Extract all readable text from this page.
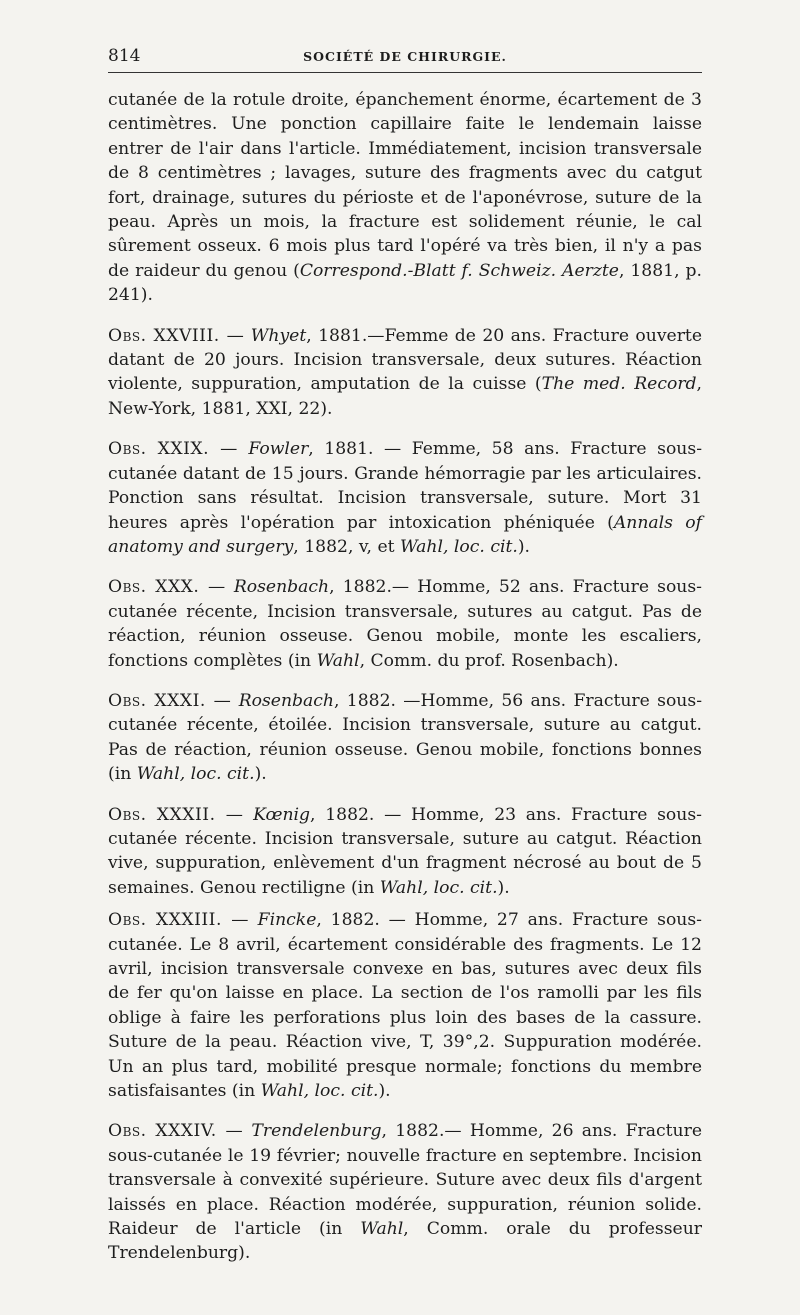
814	SOCIÉTÉ DE CHIRURGIE.

cutanée de la rotule droite, épanchement énorme, écartement de 3 centimètres. Une ponction capillaire faite le lendemain laisse entrer de l'air dans l'article. Immédiatement, incision transversale de 8 centimètres ; lavages, suture des fragments avec du catgut fort, drainage, sutures du périoste et de l'aponévrose, suture de la peau. Après un mois, la fracture est solidement réunie, le cal sûrement osseux. 6 mois plus tard l'opéré va très bien, il n'y a pas de raideur du genou (Correspond.-Blatt f. Schweiz. Aerzte, 1881, p. 241).

Obs. XXVIII. — Whyet, 1881.—Femme de 20 ans. Fracture ouverte datant de 20 jours. Incision transversale, deux sutures. Réaction violente, suppuration, amputation de la cuisse (The med. Record, New-York, 1881, XXI, 22).

Obs. XXIX. — Fowler, 1881. — Femme, 58 ans. Fracture sous-cutanée datant de 15 jours. Grande hémorragie par les articulaires. Ponction sans résultat. Incision transversale, suture. Mort 31 heures après l'opération par intoxication phéniquée (Annals of anatomy and surgery, 1882, v, et Wahl, loc. cit.).

Obs. XXX. — Rosenbach, 1882.— Homme, 52 ans. Fracture sous-cutanée récente, Incision transversale, sutures au catgut. Pas de réaction, réunion osseuse. Genou mobile, monte les escaliers, fonctions complètes (in Wahl, Comm. du prof. Rosenbach).

Obs. XXXI. — Rosenbach, 1882. —Homme, 56 ans. Fracture sous-cutanée récente, étoilée. Incision transversale, suture au catgut. Pas de réaction, réunion osseuse. Genou mobile, fonctions bonnes (in Wahl, loc. cit.).

Obs. XXXII. — Kœnig, 1882. — Homme, 23 ans. Fracture sous-cutanée récente. Incision transversale, suture au catgut. Réaction vive, suppuration, enlèvement d'un fragment nécrosé au bout de 5 semaines. Genou rectiligne (in Wahl, loc. cit.).

Obs. XXXIII. — Fincke, 1882. — Homme, 27 ans. Fracture sous-cutanée. Le 8 avril, écartement considérable des fragments. Le 12 avril, incision transversale convexe en bas, sutures avec deux fils de fer qu'on laisse en place. La section de l'os ramolli par les fils oblige à faire les perforations plus loin des bases de la cassure. Suture de la peau. Réaction vive, T, 39°,2. Suppuration modérée. Un an plus tard, mobilité presque normale; fonctions du membre satisfaisantes (in Wahl, loc. cit.).

Obs. XXXIV. — Trendelenburg, 1882.— Homme, 26 ans. Fracture sous-cutanée le 19 février; nouvelle fracture en septembre. Incision transversale à convexité supérieure. Suture avec deux fils d'argent laissés en place. Réaction modérée, suppuration, réunion solide. Raideur de l'article (in Wahl, Comm. orale du professeur Trendelenburg).
